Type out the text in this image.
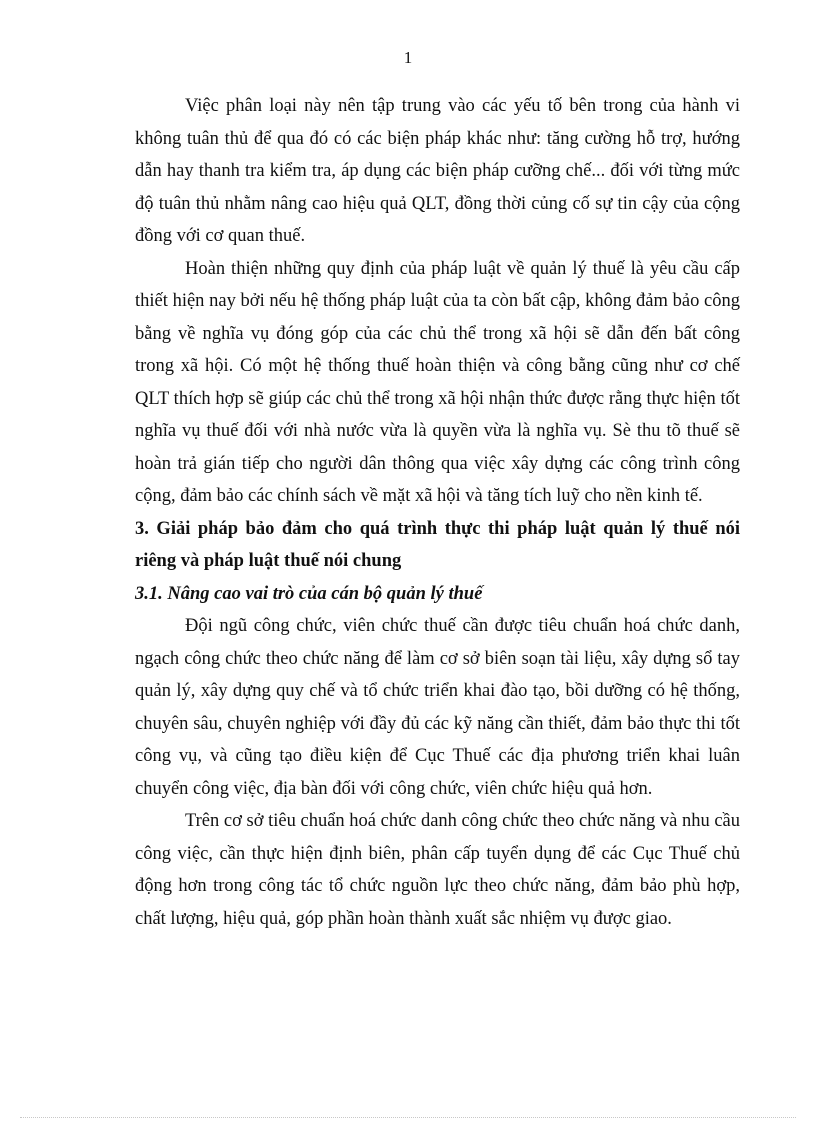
1

Việc phân loại này nên tập trung vào các yếu tố bên trong của hành vi không tuân thủ để qua đó có các biện pháp khác như: tăng cường hỗ trợ, hướng dẫn hay thanh tra kiểm tra, áp dụng các biện pháp cưỡng chế... đối với từng mức độ tuân thủ nhằm nâng cao hiệu quả QLT, đồng thời củng cố sự tin cậy của cộng đồng với cơ quan thuế.

Hoàn thiện những quy định của pháp luật về quản lý thuế là yêu cầu cấp thiết hiện nay bởi nếu hệ thống pháp luật của ta còn bất cập, không đảm bảo công bằng về nghĩa vụ đóng góp của các chủ thể trong xã hội sẽ dẫn đến bất công trong xã hội. Có một hệ thống thuế hoàn thiện và công bằng cũng như cơ chế QLT thích hợp sẽ giúp các chủ thể trong xã hội nhận thức được rằng thực hiện tốt nghĩa vụ thuế đối với nhà nước vừa là quyền vừa là nghĩa vụ. Sè thu tõ thuế sẽ hoàn trả gián tiếp cho người dân thông qua việc xây dựng các công trình công cộng, đảm bảo các chính sách về mặt xã hội và tăng tích luỹ cho nền kinh tế.

3. Giải pháp bảo đảm cho quá trình thực thi pháp luật quản lý thuế nói riêng và pháp luật thuế nói chung
3.1. Nâng cao vai trò của cán bộ quản lý thuế

Đội ngũ công chức, viên chức thuế cần được tiêu chuẩn hoá chức danh, ngạch công chức theo chức năng để làm cơ sở biên soạn tài liệu, xây dựng sổ tay quản lý, xây dựng quy chế và tổ chức triển khai đào tạo, bồi dưỡng có hệ thống, chuyên sâu, chuyên nghiệp với đầy đủ các kỹ năng cần thiết, đảm bảo thực thi tốt công vụ, và cũng tạo điều kiện để Cục Thuế các địa phương triển khai luân chuyển công việc, địa bàn đối với công chức, viên chức hiệu quả hơn.

Trên cơ sở tiêu chuẩn hoá chức danh công chức theo chức năng và nhu cầu công việc, cần thực hiện định biên, phân cấp tuyển dụng để các Cục Thuế chủ động hơn trong công tác tổ chức nguồn lực theo chức năng, đảm bảo phù hợp, chất lượng, hiệu quả, góp phần hoàn thành xuất sắc nhiệm vụ được giao.
